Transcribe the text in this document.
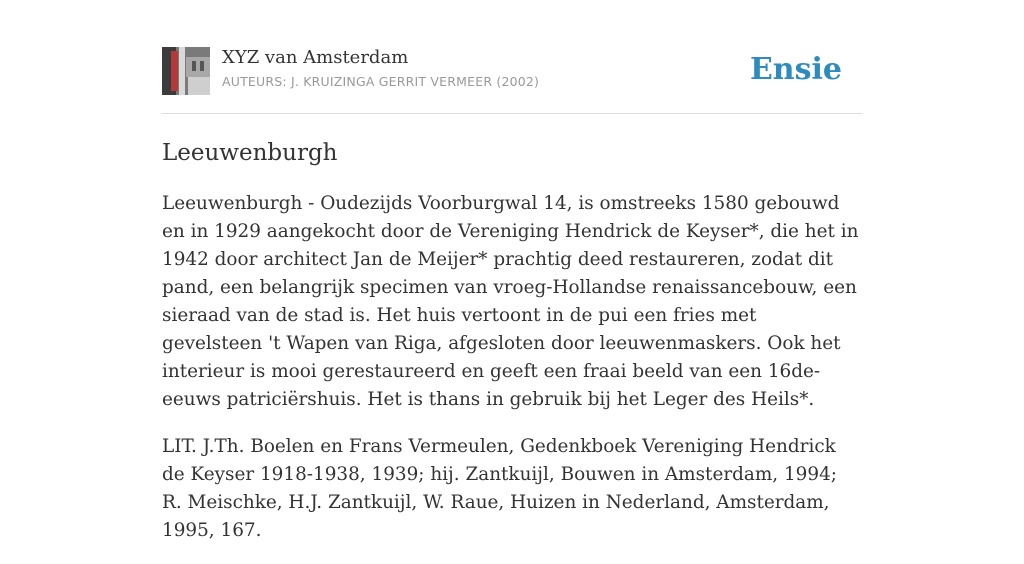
XYZ van Amsterdam
AUTEURS: J. KRUIZINGA GERRIT VERMEER (2002)	Ensie
Leeuwenburgh

Leeuwenburgh - Oudezijds Voorburgwal 14, is omstreeks 1580 gebouwd en in 1929 aangekocht door de Vereniging Hendrick de Keyser*, die het in 1942 door architect Jan de Meijer* prachtig deed restaureren, zodat dit pand, een belangrijk specimen van vroeg-Hollandse renaissancebouw, een sieraad van de stad is. Het huis vertoont in de pui een fries met gevelsteen 't Wapen van Riga, afgesloten door leeuwenmaskers. Ook het interieur is mooi gerestaureerd en geeft een fraai beeld van een 16de-eeuws patriciërshuis. Het is thans in gebruik bij het Leger des Heils*.

LIT. J.Th. Boelen en Frans Vermeulen, Gedenkboek Vereniging Hendrick de Keyser 1918-1938, 1939; hij. Zantkuijl, Bouwen in Amsterdam, 1994; R. Meischke, H.J. Zantkuijl, W. Raue, Huizen in Nederland, Amsterdam, 1995, 167.
